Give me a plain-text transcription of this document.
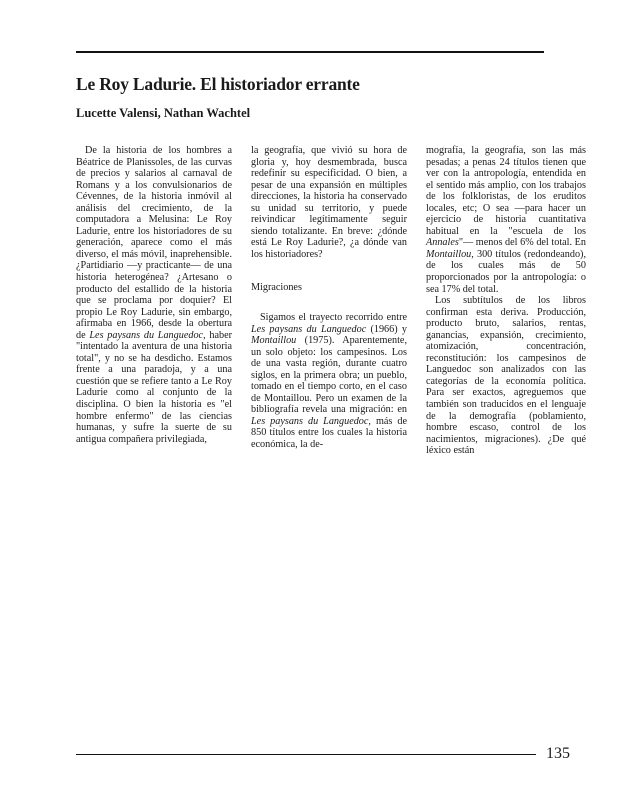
Le Roy Ladurie. El historiador errante
Lucette Valensi, Nathan Wachtel

De la historia de los hombres a Béatrice de Planissoles, de las curvas de precios y salarios al carnaval de Romans y a los convulsionarios de Cévennes, de la historia inmóvil al análisis del crecimiento, de la computadora a Melusina: Le Roy Ladurie, entre los historiadores de su generación, aparece como el más diverso, el más móvil, inaprehensible. ¿Partidiario —y practicante— de una historia heterogénea? ¿Artesano o producto del estallido de la historia que se proclama por doquier? El propio Le Roy Ladurie, sin embargo, afirmaba en 1966, desde la obertura de Les paysans du Languedoc, haber "intentado la aventura de una historia total", y no se ha desdicho. Estamos frente a una paradoja, y a una cuestión que se refiere tanto a Le Roy Ladurie como al conjunto de la disciplina. O bien la historia es "el hombre enfermo" de las ciencias humanas, y sufre la suerte de su antigua compañera privilegiada,

la geografía, que vivió su hora de gloria y, hoy desmembrada, busca redefinir su especificidad. O bien, a pesar de una expansión en múltiples direcciones, la historia ha conservado su unidad su territorio, y puede reivindicar legítimamente seguir siendo totalizante. En breve: ¿dónde está Le Roy Ladurie?, ¿a dónde van los historiadores?

Migraciones

Sigamos el trayecto recorrido entre Les paysans du Languedoc (1966) y Montaillou (1975). Aparentemente, un solo objeto: los campesinos. Los de una vasta región, durante cuatro siglos, en la primera obra; un pueblo, tomado en el tiempo corto, en el caso de Montaillou. Pero un examen de la bibliografía revela una migración: en Les paysans du Languedoc, más de 850 títulos entre los cuales la historia económica, la de-

mografía, la geografía, son las más pesadas; a penas 24 títulos tienen que ver con la antropología, entendida en el sentido más amplio, con los trabajos de los folkloristas, de los eruditos locales, etc; O sea —para hacer un ejercicio de historia cuantitativa habitual en la "escuela de los Annales"— menos del 6% del total. En Montaillou, 300 títulos (redondeando), de los cuales más de 50 proporcionados por la antropología: o sea 17% del total.

Los subtítulos de los libros confirman esta deriva. Producción, producto bruto, salarios, rentas, ganancias, expansión, crecimiento, atomización, concentración, reconstitución: los campesinos de Languedoc son analizados con las categorías de la economía política. Para ser exactos, agreguemos que también son traducidos en el lenguaje de la demografía (poblamiento, hombre escaso, control de los nacimientos, migraciones). ¿De qué léxico están

135
